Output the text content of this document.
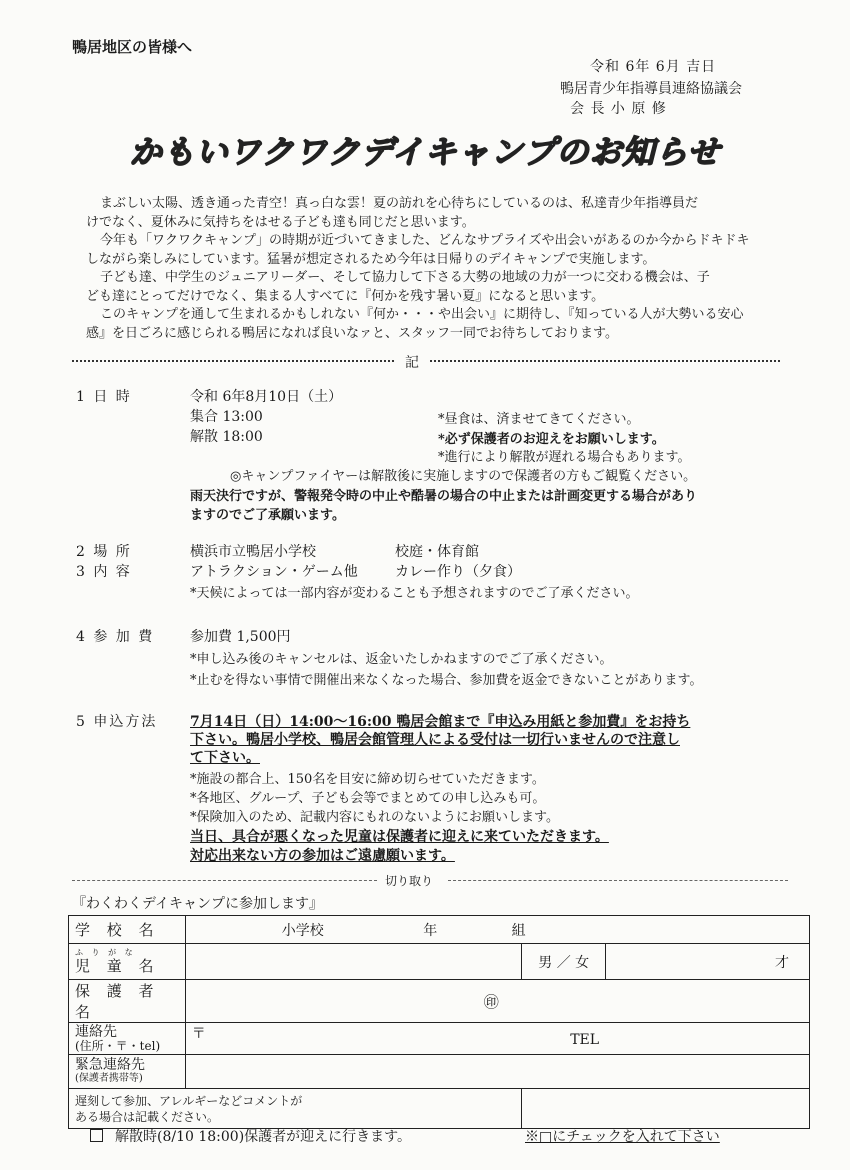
鴨居地区の皆様へ
令和 6年 6月 吉日
鴨居青少年指導員連絡協議会
会 長 小 原 修
かもいワクワクデイキャンプのお知らせ

まぶしい太陽、透き通った青空！真っ白な雲！夏の訪れを心待ちにしているのは、私達青少年指導員だ

けでなく、夏休みに気持ちをはせる子ども達も同じだと思います。

今年も「ワクワクキャンプ」の時期が近づいてきました、どんなサプライズや出会いがあるのか今からドキドキ

しながら楽しみにしています。猛暑が想定されるため今年は日帰りのデイキャンプで実施します。

子ども達、中学生のジュニアリーダー、そして協力して下さる大勢の地域の力が一つに交わる機会は、子

ども達にとってだけでなく、集まる人すべてに『何かを残す暑い夏』になると思います。

このキャンプを通して生まれるかもしれない『何か・・・や出会い』に期待し、『知っている人が大勢いる安心

感』を日ごろに感じられる鴨居になれば良いなァと、スタッフ一同でお待ちしております。

記
1 日 時	令和 6年8月10日（土）
集合 13:00
解散 18:00
*昼食は、済ませてきてください。
*必ず保護者のお迎えをお願いします。
*進行により解散が遅れる場合もあります。
◎キャンプファイヤーは解散後に実施しますので保護者の方もご観覧ください。
雨天決行ですが、警報発令時の中止や酷暑の場合の中止または計画変更する場合があり
ますのでご了承願います。
2 場 所	横浜市立鴨居小学校	校庭・体育館
3 内 容	アトラクション・ゲーム他	カレー作り（夕食）
*天候によっては一部内容が変わることも予想されますのでご了承ください。
4 参 加 費	参加費 1,500円
*申し込み後のキャンセルは、返金いたしかねますのでご了承ください。
*止むを得ない事情で開催出来なくなった場合、参加費を返金できないことがあります。
5 申込方法 7月14日（日）14:00～16:00 鴨居会館まで『申込み用紙と参加費』をお持ち
下さい。鴨居小学校、鴨居会館管理人による受付は一切行いませんので注意し
て下さい。
*施設の都合上、150名を目安に締め切らせていただきます。
*各地区、グループ、子ども会等でまとめての申し込みも可。
*保険加入のため、記載内容にもれのないようにお願いします。
当日、具合が悪くなった児童は保護者に迎えに来ていただきます。
対応出来ない方の参加はご遠慮願います。
切り取り
『わくわくデイキャンプに参加します』
学 校 名	小学校 年 組		

ふ り が な
児 童 名		男 ／ 女	才
保 護 者 名	㊞		

連絡先
(住所・〒・tel)	〒 TEL		

緊急連絡先
(保護者携帯等)			

遅刻して参加、アレルギーなどコメントが
ある場合は記載ください。			

解散時(8/10 18:00)保護者が迎えに行きます。	※□にチェックを入れて下さい
